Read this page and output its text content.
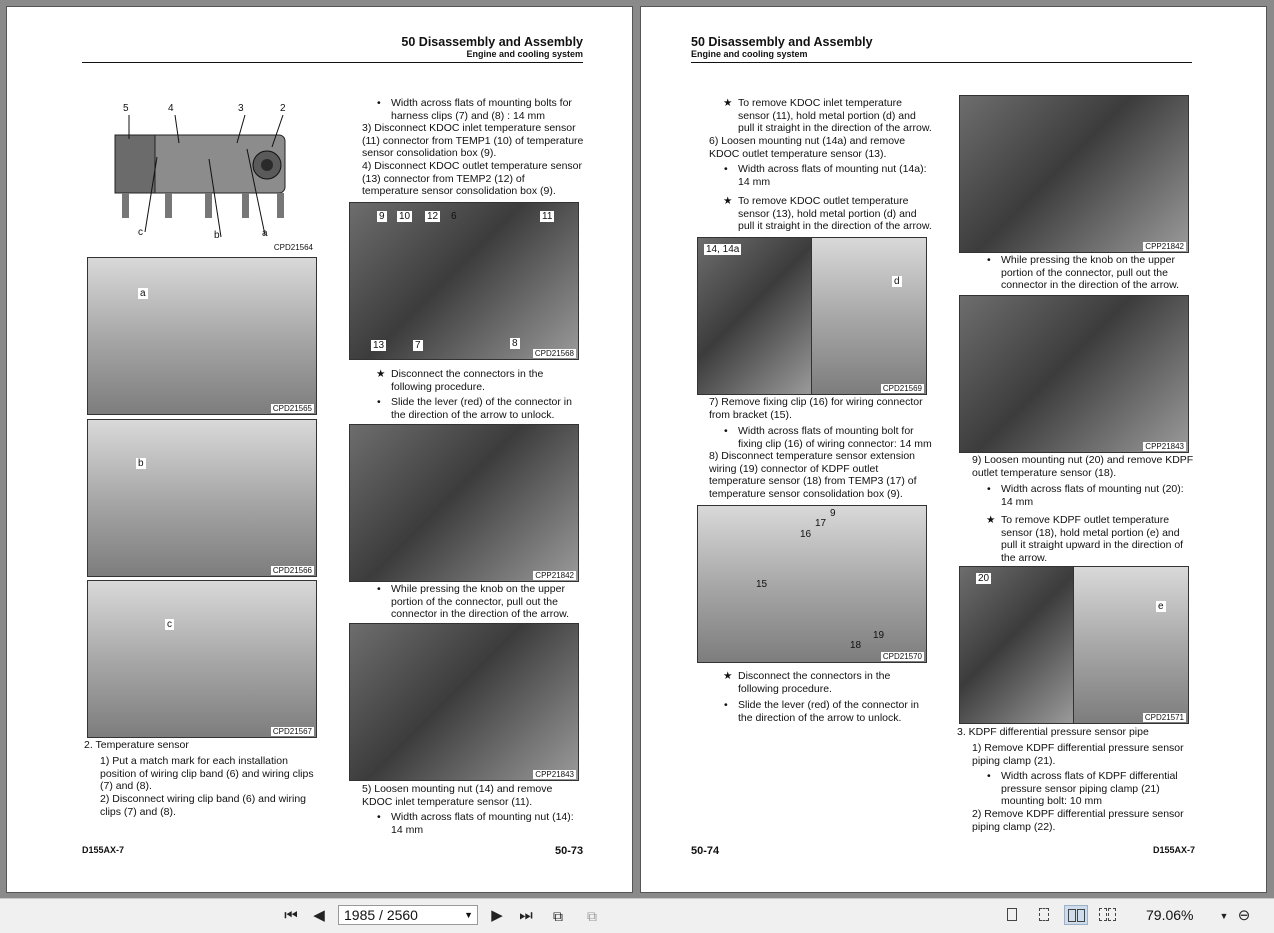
50 Disassembly and Assembly
Engine and cooling system
5	4	3	2
c	b	a
CPD21564
a
CPD21565
b
CPD21566
c
CPD21567
2. Temperature sensor
1) Put a match mark for each installation position of wiring clip band (6) and wiring clips (7) and (8).
2) Disconnect wiring clip band (6) and wiring clips (7) and (8).
• Width across flats of mounting bolts for harness clips (7) and (8) : 14 mm
3) Disconnect KDOC inlet temperature sensor (11) connector from TEMP1 (10) of temperature sensor consolidation box (9).
4) Disconnect KDOC outlet temperature sensor (13) connector from TEMP2 (12) of temperature sensor consolidation box (9).
9 10 12 6	11
13	7	8
CPD21568
★ Disconnect the connectors in the following procedure.
• Slide the lever (red) of the connector in the direction of the arrow to unlock.
CPP21842
• While pressing the knob on the upper portion of the connector, pull out the connector in the direction of the arrow.
CPP21843
5) Loosen mounting nut (14) and remove KDOC inlet temperature sensor (11).
• Width across flats of mounting nut (14): 14 mm
D155AX-7	50-73
50 Disassembly and Assembly
Engine and cooling system
★ To remove KDOC inlet temperature sensor (11), hold metal portion (d) and pull it straight in the direction of the arrow.
6) Loosen mounting nut (14a) and remove KDOC outlet temperature sensor (13).
• Width across flats of mounting nut (14a): 14 mm
★ To remove KDOC outlet temperature sensor (13), hold metal portion (d) and pull it straight in the direction of the arrow.
14, 14a
d
CPD21569
7) Remove fixing clip (16) for wiring connector from bracket (15).
• Width across flats of mounting bolt for fixing clip (16) of wiring connector: 14 mm
8) Disconnect temperature sensor extension wiring (19) connector of KDPF outlet temperature sensor (18) from TEMP3 (17) of temperature sensor consolidation box (9).
9
17
16
15
19
18
CPD21570
★ Disconnect the connectors in the following procedure.
• Slide the lever (red) of the connector in the direction of the arrow to unlock.
CPP21842
• While pressing the knob on the upper portion of the connector, pull out the connector in the direction of the arrow.
CPP21843
9) Loosen mounting nut (20) and remove KDPF outlet temperature sensor (18).
• Width across flats of mounting nut (20): 14 mm
★ To remove KDPF outlet temperature sensor (18), hold metal portion (e) and pull it straight upward in the direction of the arrow.
20
e
CPD21571
3. KDPF differential pressure sensor pipe
1) Remove KDPF differential pressure sensor piping clamp (21).
• Width across flats of KDPF differential pressure sensor piping clamp (21) mounting bolt: 10 mm
2) Remove KDPF differential pressure sensor piping clamp (22).
50-74	D155AX-7
⏮ ◀	1985 / 2560	▼ ▶ ⏭	⧉	⧉	79.06%	▼ ⊖
